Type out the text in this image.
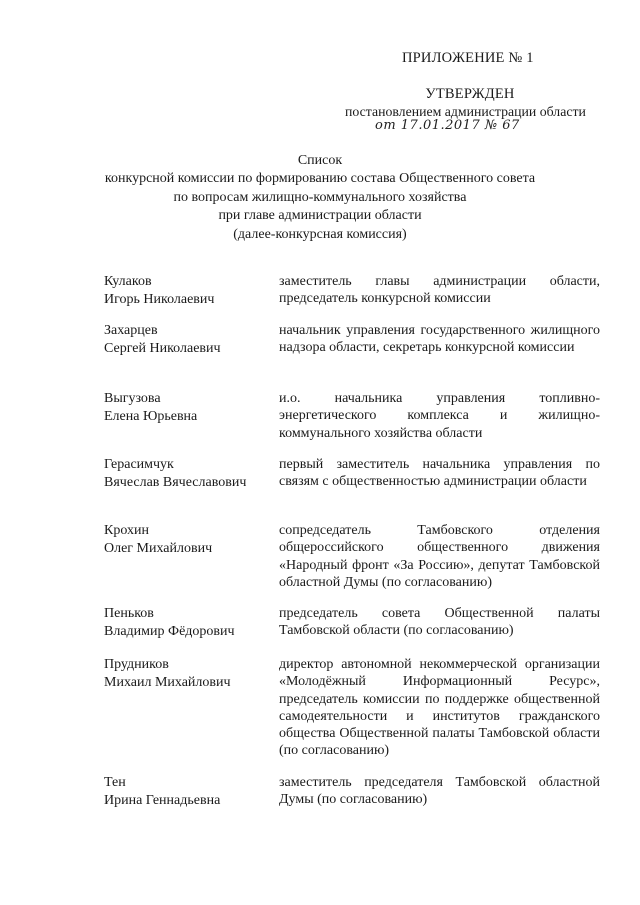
ПРИЛОЖЕНИЕ № 1
УТВЕРЖДЕН
постановлением администрации области
от 17.01.2017 № 67
Список
конкурсной комиссии по формированию состава Общественного совета
по вопросам жилищно-коммунального хозяйства
при главе администрации области
(далее-конкурсная комиссия)
Кулаков
Игорь Николаевич
заместитель главы администрации области, председатель конкурсной комиссии
Захарцев
Сергей Николаевич
начальник управления государственного жилищного надзора области, секретарь конкурсной комиссии
Выгузова
Елена Юрьевна
и.о. начальника управления топливно-энергетического комплекса и жилищно-коммунального хозяйства области
Герасимчук
Вячеслав Вячеславович
первый заместитель начальника управления по связям с общественностью администрации области
Крохин
Олег Михайлович
сопредседатель Тамбовского отделения общероссийского общественного движения «Народный фронт «За Россию», депутат Тамбовской областной Думы (по согласованию)
Пеньков
Владимир Фёдорович
председатель совета Общественной палаты Тамбовской области (по согласованию)
Прудников
Михаил Михайлович
директор автономной некоммерческой организации «Молодёжный Информационный Ресурс», председатель комиссии по поддержке общественной самодеятельности и институтов гражданского общества Общественной палаты Тамбовской области (по согласованию)
Тен
Ирина Геннадьевна
заместитель председателя Тамбовской областной Думы (по согласованию)
